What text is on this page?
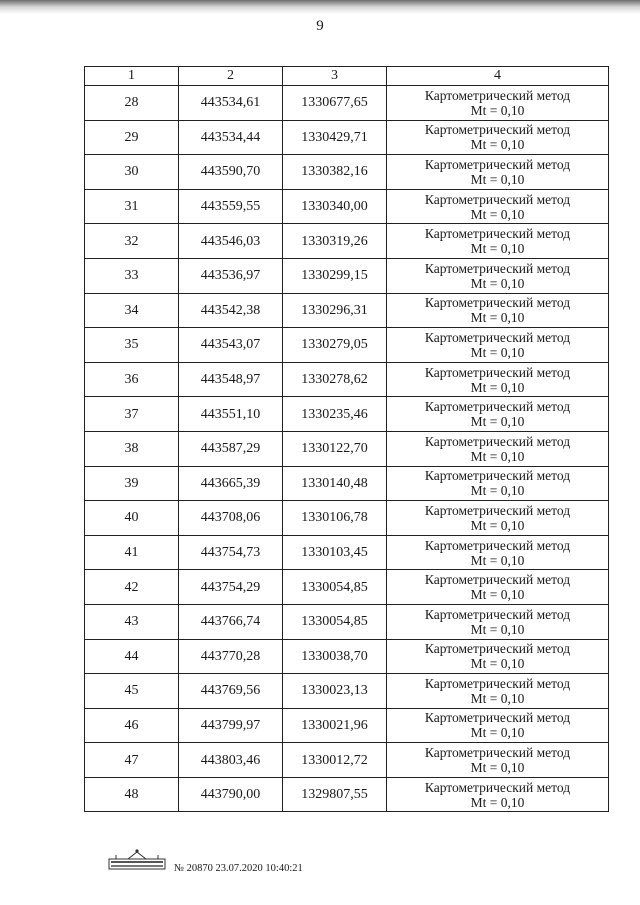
9
1	2	3	4
28	443534,61	1330677,65	Картометрический метод
Mt = 0,10

29	443534,44	1330429,71	Картометрический метод
Mt = 0,10

30	443590,70	1330382,16	Картометрический метод
Mt = 0,10

31	443559,55	1330340,00	Картометрический метод
Mt = 0,10

32	443546,03	1330319,26	Картометрический метод
Mt = 0,10

33	443536,97	1330299,15	Картометрический метод
Mt = 0,10

34	443542,38	1330296,31	Картометрический метод
Mt = 0,10

35	443543,07	1330279,05	Картометрический метод
Mt = 0,10

36	443548,97	1330278,62	Картометрический метод
Mt = 0,10

37	443551,10	1330235,46	Картометрический метод
Mt = 0,10

38	443587,29	1330122,70	Картометрический метод
Mt = 0,10

39	443665,39	1330140,48	Картометрический метод
Mt = 0,10

40	443708,06	1330106,78	Картометрический метод
Mt = 0,10

41	443754,73	1330103,45	Картометрический метод
Mt = 0,10

42	443754,29	1330054,85	Картометрический метод
Mt = 0,10

43	443766,74	1330054,85	Картометрический метод
Mt = 0,10

44	443770,28	1330038,70	Картометрический метод
Mt = 0,10

45	443769,56	1330023,13	Картометрический метод
Mt = 0,10

46	443799,97	1330021,96	Картометрический метод
Mt = 0,10

47	443803,46	1330012,72	Картометрический метод
Mt = 0,10

48	443790,00	1329807,55	Картометрический метод
Mt = 0,10
№ 20870 23.07.2020 10:40:21
